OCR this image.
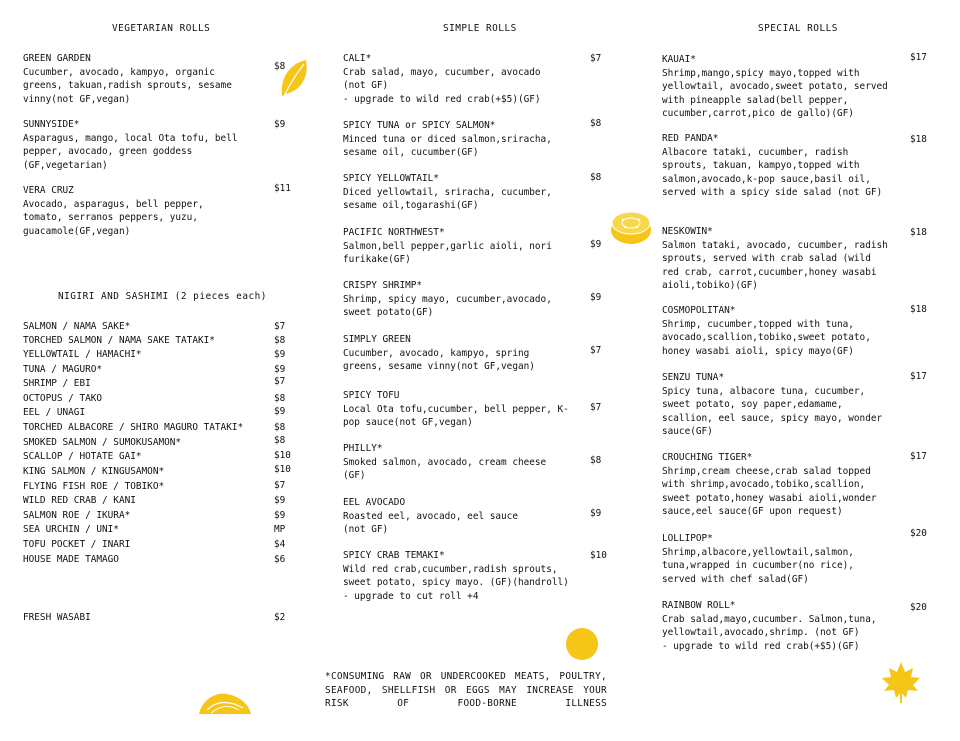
VEGETARIAN ROLLS	SIMPLE ROLLS	SPECIAL ROLLS
GREEN GARDEN
Cucumber, avocado, kampyo, organic greens, takuan,radish sprouts, sesame vinny(not GF,vegan)
$8
SUNNYSIDE*
Asparagus, mango, local Ota tofu, bell pepper, avocado, green goddess (GF,vegetarian)
$9
VERA CRUZ
Avocado, asparagus, bell pepper, tomato, serranos peppers, yuzu, guacamole(GF,vegan)
$11
NIGIRI AND SASHIMI (2 pieces each)
SALMON / NAMA SAKE*	$7
TORCHED SALMON / NAMA SAKE TATAKI*	$8
YELLOWTAIL / HAMACHI*	$9
TUNA / MAGURO*	$9
SHRIMP / EBI	$7
OCTOPUS / TAKO	$8
EEL / UNAGI	$9
TORCHED ALBACORE / SHIRO MAGURO TATAKI*	$8
SMOKED SALMON / SUMOKUSAMON*	$8
SCALLOP / HOTATE GAI*	$10
KING SALMON / KINGUSAMON*	$10
FLYING FISH ROE / TOBIKO*	$7
WILD RED CRAB / KANI	$9
SALMON ROE / IKURA*	$9
SEA URCHIN / UNI*	MP
TOFU POCKET / INARI	$4
HOUSE MADE TAMAGO	$6
FRESH WASABI	$2
CALI*
Crab salad, mayo, cucumber, avocado (not GF)
- upgrade to wild red crab(+$5)(GF)
$7
SPICY TUNA or SPICY SALMON*
Minced tuna or diced salmon,sriracha, sesame oil, cucumber(GF)
$8
SPICY YELLOWTAIL*
Diced yellowtail, sriracha, cucumber, sesame oil,togarashi(GF)
$8
PACIFIC NORTHWEST*
Salmon,bell pepper,garlic aioli, nori furikake(GF)
$9
CRISPY SHRIMP*
Shrimp, spicy mayo, cucumber,avocado, sweet potato(GF)
$9
SIMPLY GREEN
Cucumber, avocado, kampyo, spring greens, sesame vinny(not GF,vegan)
$7
SPICY TOFU
Local Ota tofu,cucumber, bell pepper, K-pop sauce(not GF,vegan)
$7
PHILLY*
Smoked salmon, avocado, cream cheese (GF)
$8
EEL AVOCADO
Roasted eel, avocado, eel sauce (not GF)
$9
SPICY CRAB TEMAKI*
Wild red crab,cucumber,radish sprouts, sweet potato, spicy mayo. (GF)(handroll)
- upgrade to cut roll +4
$10
KAUAI*
Shrimp,mango,spicy mayo,topped with yellowtail, avocado,sweet potato, served with pineapple salad(bell pepper, cucumber,carrot,pico de gallo)(GF)
$17
RED PANDA*
Albacore tataki, cucumber, radish sprouts, takuan, kampyo,topped with salmon,avocado,k-pop sauce,basil oil, served with a spicy side salad (not GF)
$18
NESKOWIN*
Salmon tataki, avocado, cucumber, radish sprouts, served with crab salad (wild red crab, carrot,cucumber,honey wasabi aioli,tobiko)(GF)
$18
COSMOPOLITAN*
Shrimp, cucumber,topped with tuna, avocado,scallion,tobiko,sweet potato, honey wasabi aioli, spicy mayo(GF)
$18
SENZU TUNA*
Spicy tuna, albacore tuna, cucumber, sweet potato, soy paper,edamame, scallion, eel sauce, spicy mayo, wonder sauce(GF)
$17
CROUCHING TIGER*
Shrimp,cream cheese,crab salad topped with shrimp,avocado,tobiko,scallion, sweet potato,honey wasabi aioli,wonder sauce,eel sauce(GF upon request)
$17
LOLLIPOP*
Shrimp,albacore,yellowtail,salmon, tuna,wrapped in cucumber(no rice), served with chef salad(GF)
$20
RAINBOW ROLL*
Crab salad,mayo,cucumber. Salmon,tuna, yellowtail,avocado,shrimp. (not GF)
- upgrade to wild red crab(+$5)(GF)
$20
*CONSUMING RAW OR UNDERCOOKED MEATS, POULTRY, SEAFOOD, SHELLFISH OR EGGS MAY INCREASE YOUR RISK OF FOOD-BORNE ILLNESS
